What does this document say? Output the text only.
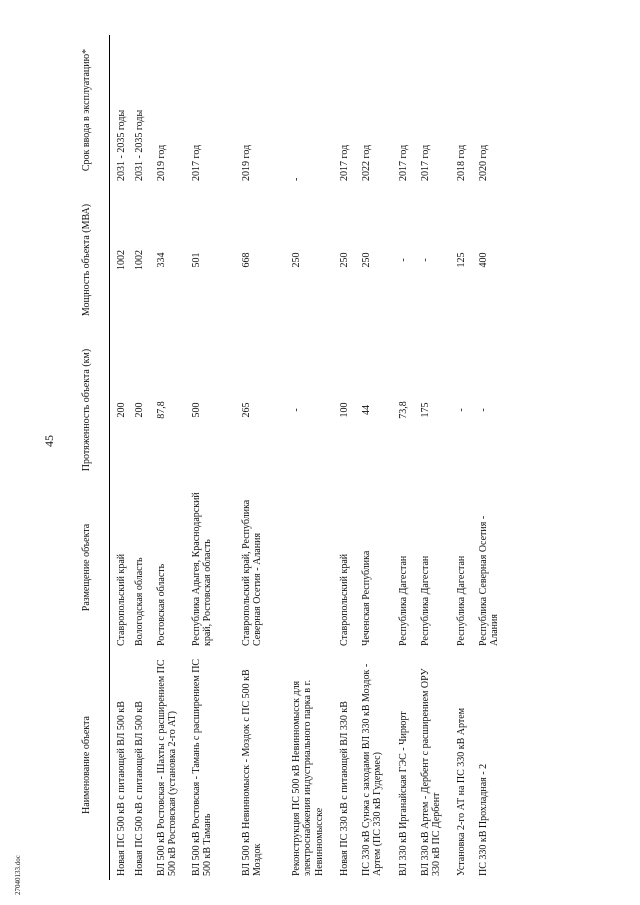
45
27040133.doc
Наименование объекта	Размещение объекта	Протяженность объекта (км)	Мощность объекта (МВА)	Срок ввода в эксплуатацию*
Новая ПС 500 кВ с питающей ВЛ 500 кВ	Ставропольский край	200	1002	2031 - 2035 годы
Новая ПС 500 кВ с питающей ВЛ 500 кВ	Вологодская область	200	1002	2031 - 2035 годы
ВЛ 500 кВ Ростовская - Шахты с расширением ПС 500 кВ Ростовская (установка 2-го АТ)	Ростовская область	87,8	334	2019 год
ВЛ 500 кВ Ростовская - Тамань с расширением ПС 500 кВ Тамань	Республика Адыгея, Краснодарский край, Ростовская область	500	501	2017 год
ВЛ 500 кВ Невинномысск - Моздок с ПС 500 кВ Моздок	Ставропольский край, Республика Северная Осетия - Алания	265	668	2019 год
Реконструкция ПС 500 кВ Невинномысск для электроснабжения индустриального парка в г. Невинномысске		-	250	-
Новая ПС 330 кВ с питающей ВЛ 330 кВ	Ставропольский край	100	250	2017 год
ПС 330 кВ Сунжа с заходами ВЛ 330 кВ Моздок - Артем (ПС 330 кВ Гудермес)	Чеченская Республика	44	250	2022 год
ВЛ 330 кВ Ирганайская ГЭС - Чирюрт	Республика Дагестан	73,8	-	2017 год
ВЛ 330 кВ Артем - Дербент с расширением ОРУ 330 кВ ПС Дербент	Республика Дагестан	175	-	2017 год
Установка 2-го АТ на ПС 330 кВ Артем	Республика Дагестан	-	125	2018 год
ПС 330 кВ Прохладная - 2	Республика Северная Осетия - Алания	-	400	2020 год
